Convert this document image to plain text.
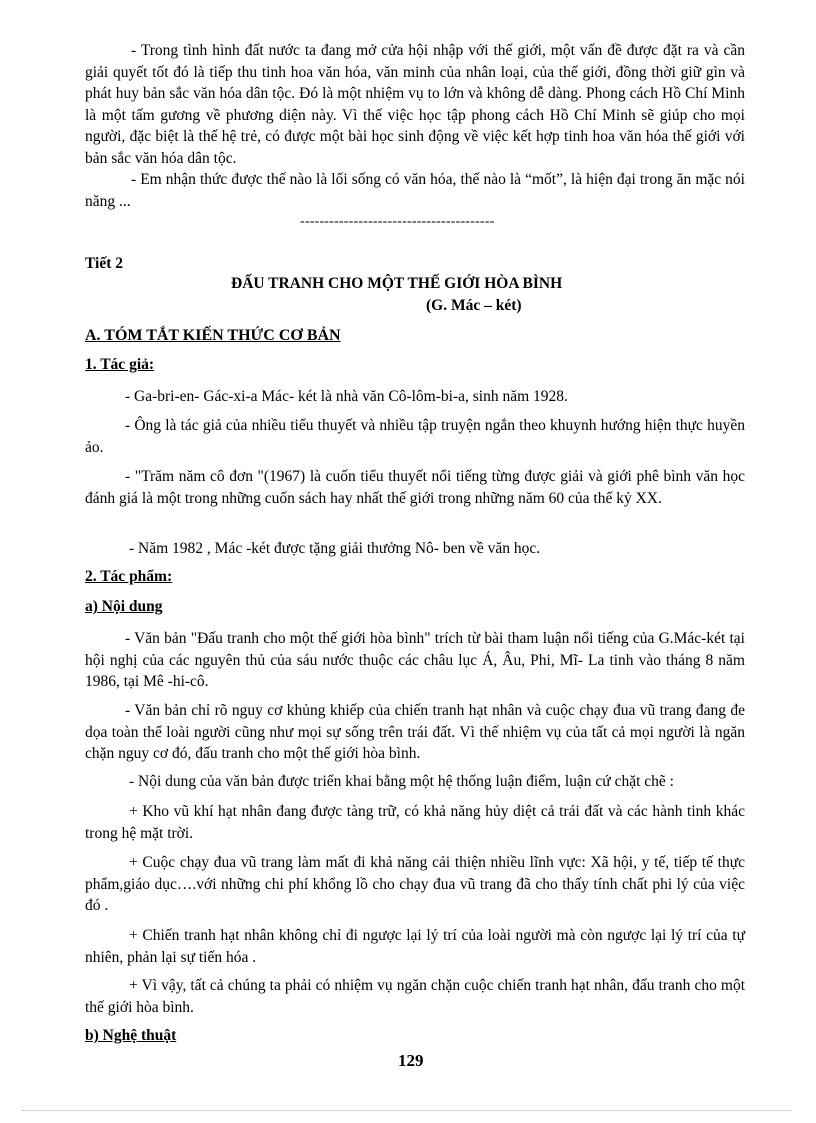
- Trong tình hình đất nước ta đang mở cửa hội nhập với thế giới, một vấn đề được đặt ra và cần giải quyết tốt đó là tiếp thu tinh hoa văn hóa, văn minh của nhân loại, của thế giới, đồng thời giữ gìn và phát huy bản sắc văn hóa dân tộc. Đó là một nhiệm vụ to lớn và không dễ dàng. Phong cách Hồ Chí Minh là một tấm gương về phương diện này. Vì thế việc học tập phong cách Hồ Chí Minh sẽ giúp cho mọi người, đặc biệt là thế hệ trẻ, có được một bài học sinh động về việc kết hợp tinh hoa văn hóa thế giới với bản sắc văn hóa dân tộc.

- Em nhận thức được thế nào là lối sống có văn hóa, thế nào là “mốt”, là hiện đại trong ăn mặc nói năng ...

----------------------------------------

Tiết 2

ĐẤU TRANH CHO MỘT THẾ GIỚI HÒA BÌNH

(G. Mác – két)

A. TÓM TẮT KIẾN THỨC CƠ BẢN

1. Tác giả:

- Ga-bri-en- Gác-xi-a Mác- két là nhà văn Cô-lôm-bi-a, sinh năm 1928.

- Ông là tác giả của nhiều tiểu thuyết và nhiều tập truyện ngắn theo khuynh hướng hiện thực huyền ảo.

- "Trăm năm cô đơn "(1967) là cuốn tiểu thuyết nổi tiếng từng được giải và giới phê bình văn học đánh giá là một trong những cuốn sách hay nhất thế giới trong những năm 60 của thế kỷ XX.

- Năm 1982 , Mác -két được tặng giải thưởng Nô- ben về văn học.

2. Tác phẩm:

a) Nội dung

- Văn bản "Đấu tranh cho một thế giới hòa bình" trích từ bài tham luận nổi tiếng của G.Mác-két tại hội nghị của các nguyên thủ của sáu nước thuộc các châu lục Á, Âu, Phi, Mĩ- La tinh vào tháng 8 năm 1986, tại Mê -hi-cô.

- Văn bản chỉ rõ nguy cơ khủng khiếp của chiến tranh hạt nhân và cuộc chạy đua vũ trang đang đe dọa toàn thể loài người cũng như mọi sự sống trên trái đất. Vì thế nhiệm vụ của tất cả mọi người là ngăn chặn nguy cơ đó, đấu tranh cho một thế giới hòa bình.

- Nội dung của văn bản được triển khai bằng một hệ thống luận điểm, luận cứ chặt chẽ :

+ Kho vũ khí hạt nhân đang được tàng trữ, có khả năng hủy diệt cả trái đất và các hành tinh khác trong hệ mặt trời.

+ Cuộc chạy đua vũ trang làm mất đi khả năng cải thiện nhiều lĩnh vực: Xã hội, y tế, tiếp tế thực phẩm,giáo dục….với những chi phí khổng lồ cho chạy đua vũ trang đã cho thấy tính chất phi lý của việc đó .

+ Chiến tranh hạt nhân không chỉ đi ngược lại lý trí của loài người mà còn ngược lại lý trí của tự nhiên, phản lại sự tiến hóa .

+ Vì vậy, tất cả chúng ta phải có nhiệm vụ ngăn chặn cuộc chiến tranh hạt nhân, đấu tranh cho một thế giới hòa bình.

b) Nghệ thuật

129
